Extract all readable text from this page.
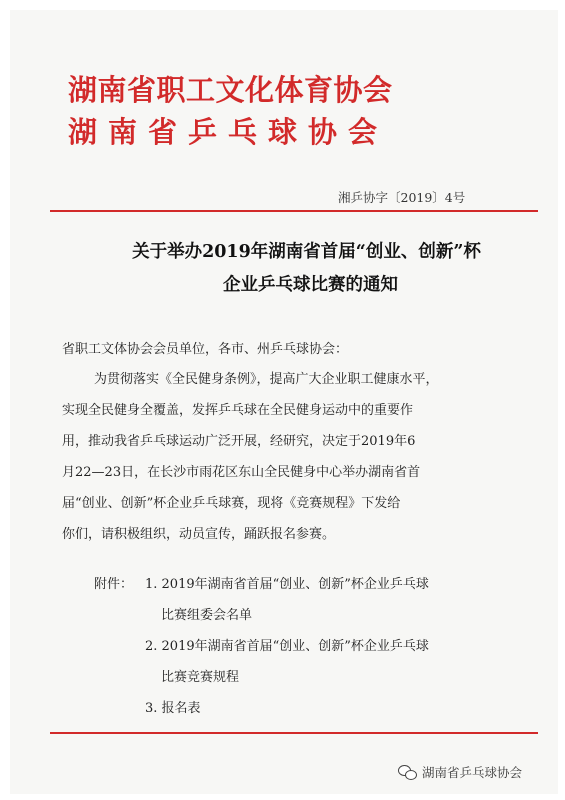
湖南省职工文化体育协会
湖南省乒乓球协会
湘乒协字〔2019〕4号
关于举办2019年湖南省首届“创业、创新”杯
企业乒乓球比赛的通知
省职工文体协会会员单位，各市、州乒乓球协会：
为贯彻落实《全民健身条例》，提高广大企业职工健康水平，
实现全民健身全覆盖，发挥乒乓球在全民健身运动中的重要作
用，推动我省乒乓球运动广泛开展，经研究，决定于2019年6
月22—23日，在长沙市雨花区东山全民健身中心举办湖南省首
届“创业、创新”杯企业乒乓球赛，现将《竞赛规程》下发给
你们，请积极组织，动员宣传，踊跃报名参赛。
附件： 1. 2019年湖南省首届“创业、创新”杯企业乒乓球
比赛组委会名单
2. 2019年湖南省首届“创业、创新”杯企业乒乓球
比赛竞赛规程
3. 报名表
湖南省乒乓球协会
